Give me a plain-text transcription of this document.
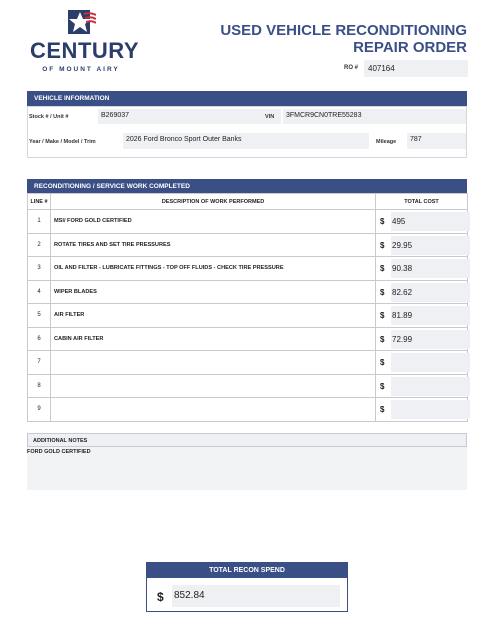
CENTURY
OF MOUNT AIRY
USED VEHICLE RECONDITIONING
REPAIR ORDER
RO #	407164
VEHICLE INFORMATION
Stock # / Unit #	B269037	VIN	3FMCR9CN0TRE55283
Year / Make / Model / Trim	2026 Ford Bronco Sport Outer Banks	Mileage	787
RECONDITIONING / SERVICE WORK COMPLETED
LINE #	DESCRIPTION OF WORK PERFORMED	TOTAL COST
1	MSI/ FORD GOLD CERTIFIED	$ 495

2	ROTATE TIRES AND SET TIRE PRESSURES	$ 29.95

3	OIL AND FILTER - LUBRICATE FITTINGS - TOP OFF FLUIDS - CHECK TIRE PRESSURE	$ 90.38

4	WIPER BLADES	$ 82.62

5	AIR FILTER	$ 81.89

6	CABIN AIR FILTER	$ 72.99

7		$

8		$

9		$
ADDITIONAL NOTES
FORD GOLD CERTIFIED
TOTAL RECON SPEND
$ 852.84
